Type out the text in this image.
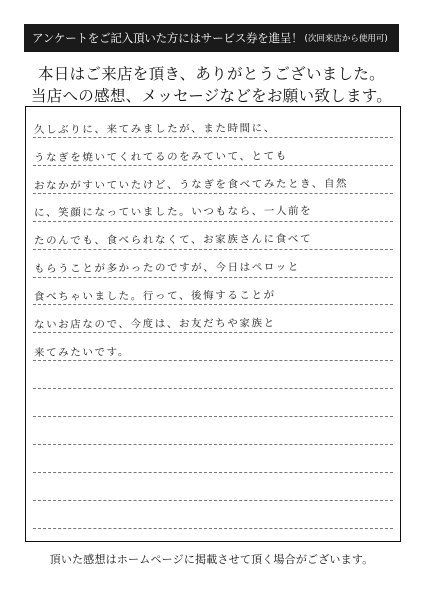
アンケートをご記入頂いた方にはサービス券を進呈！ (次回来店から使用可)
本日はご来店を頂き、ありがとうございました。
当店への感想、メッセージなどをお願い致します。
久しぶりに、来てみましたが、また時間に、
うなぎを焼いてくれてるのをみていて、とても
おなかがすいていたけど、うなぎを食べてみたとき、自然
に、笑顔になっていました。いつもなら、一人前を
たのんでも、食べられなくて、お家族さんに食べて
もらうことが多かったのですが、今日はペロッと
食べちゃいました。行って、後悔することが
ないお店なので、今度は、お友だちや家族と
来てみたいです。
頂いた感想はホームページに掲載させて頂く場合がございます。
